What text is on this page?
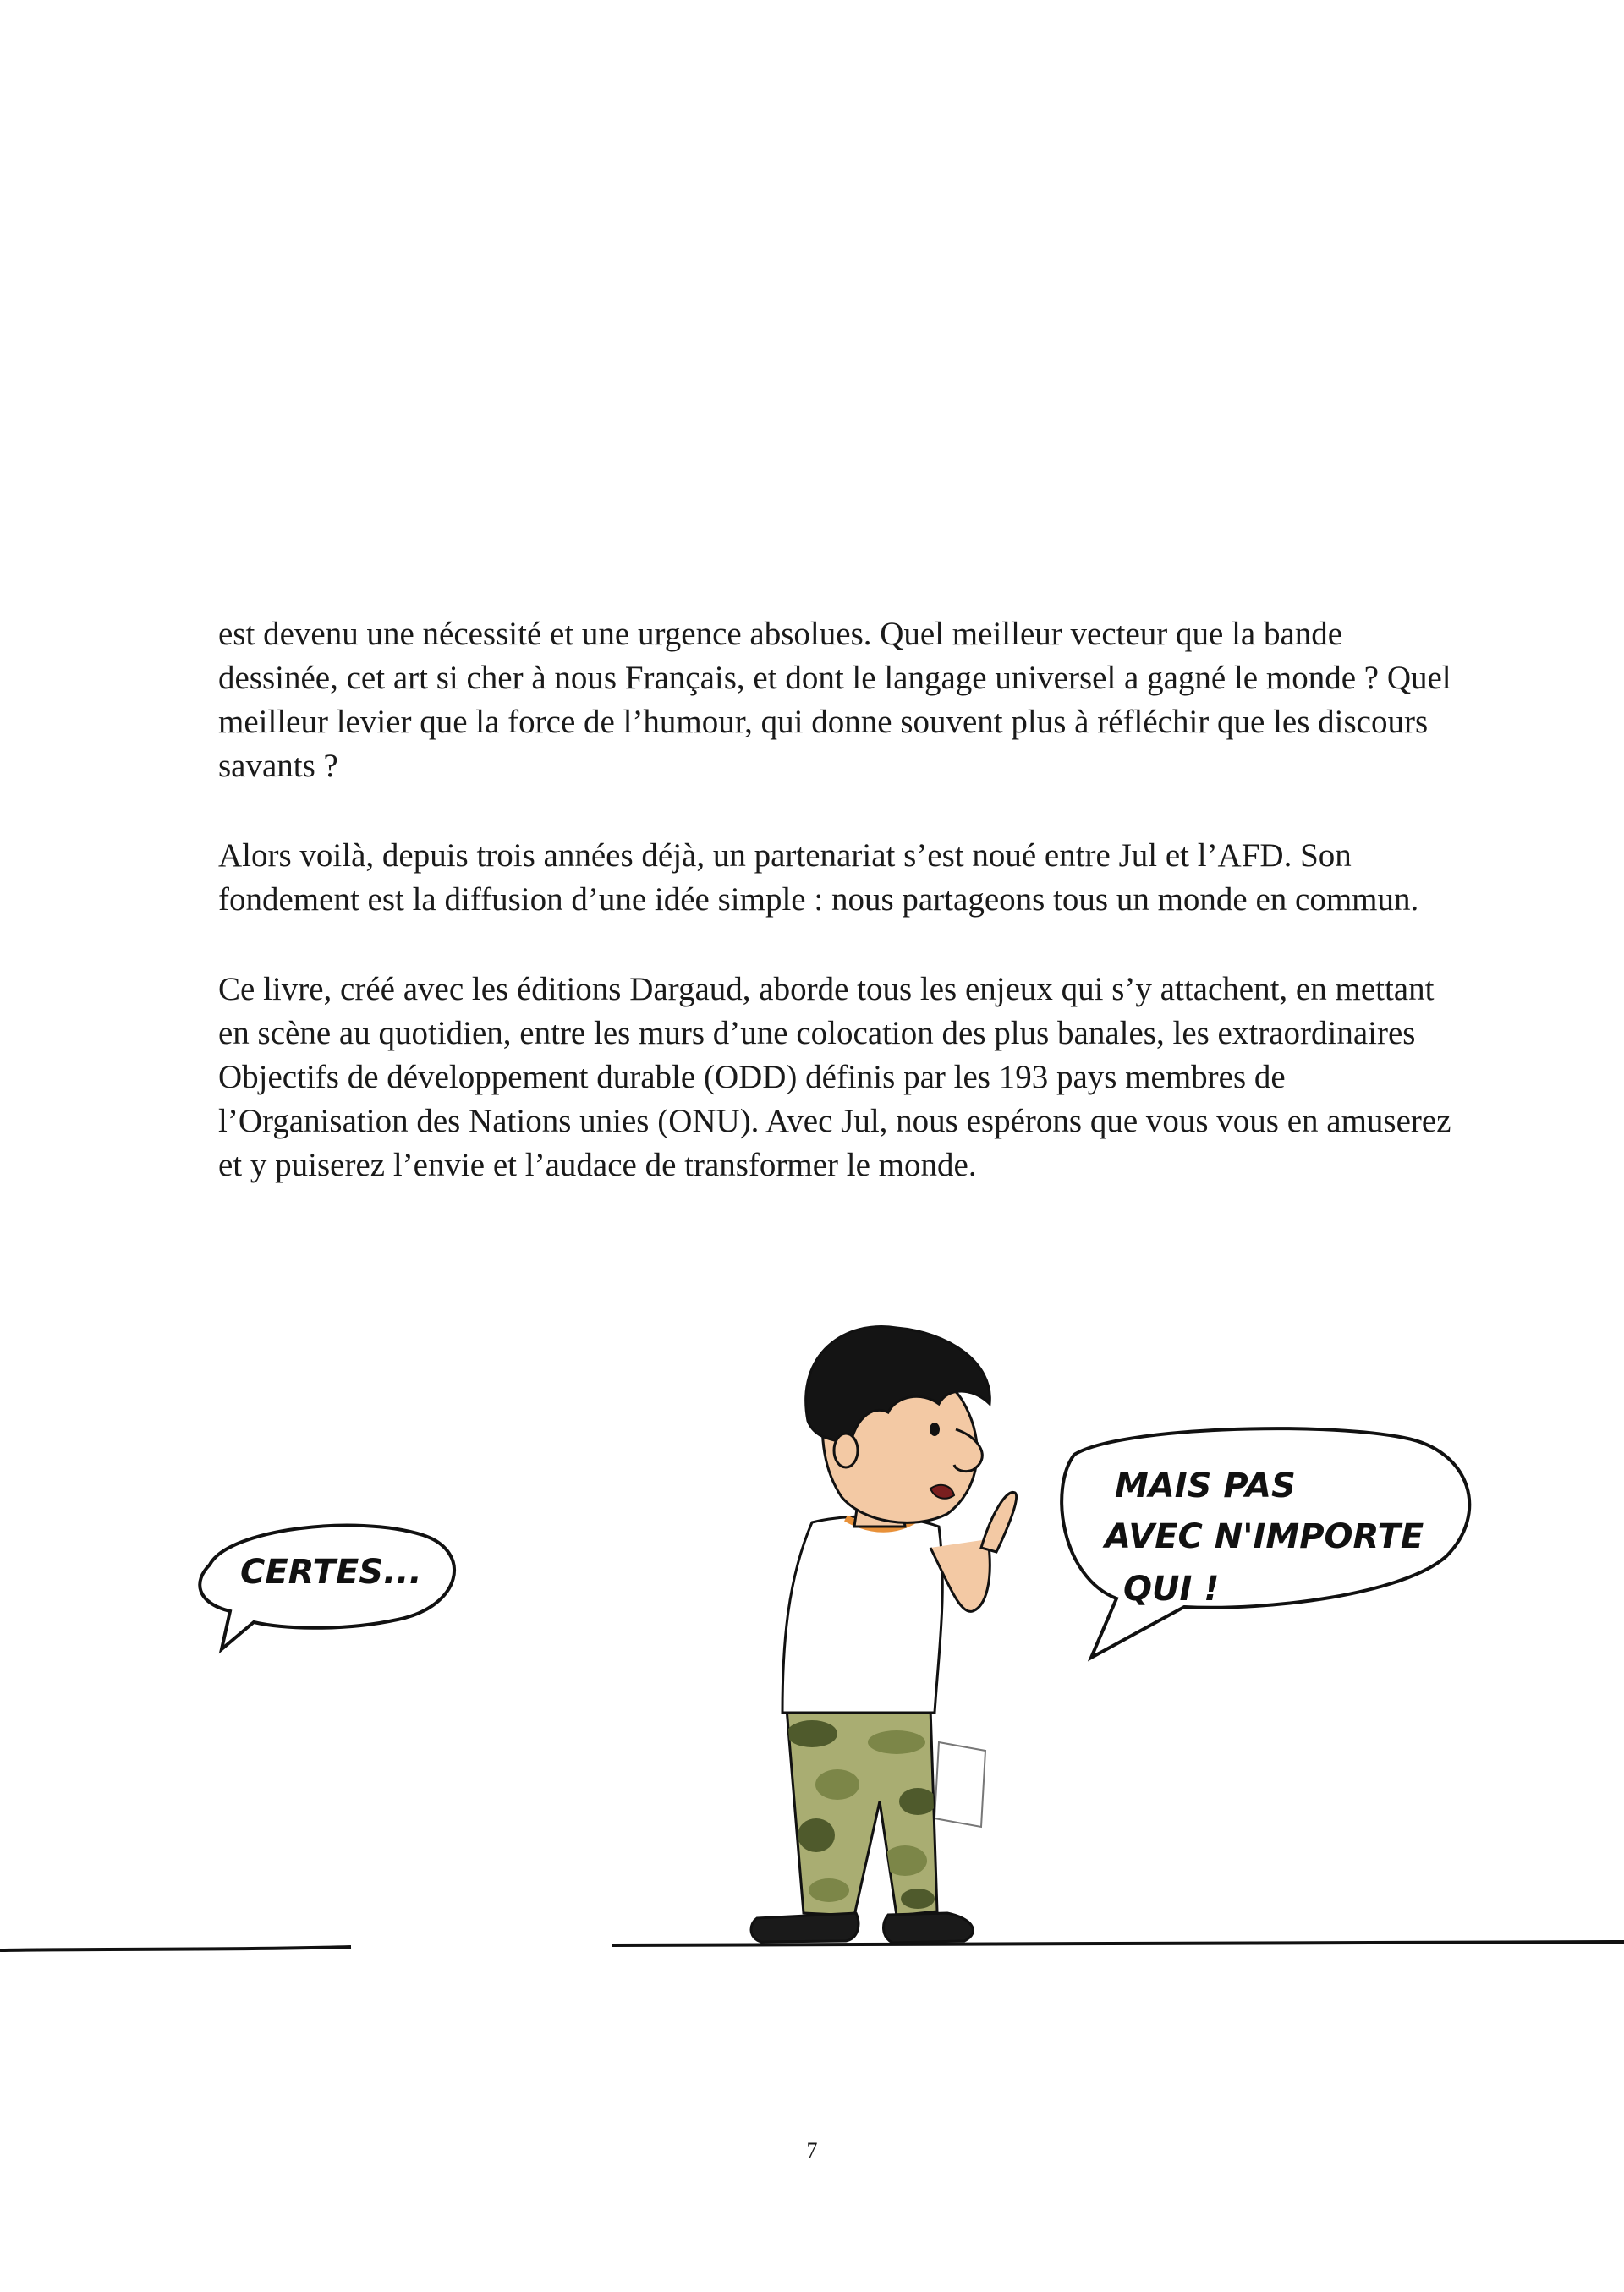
est devenu une nécessité et une urgence absolues. Quel meilleur vecteur que la bande dessinée, cet art si cher à nous Français, et dont le langage universel a gagné le monde ? Quel meilleur levier que la force de l’humour, qui donne souvent plus à réfléchir que les discours savants ?

Alors voilà, depuis trois années déjà, un partenariat s’est noué entre Jul et l’AFD. Son fondement est la diffusion d’une idée simple : nous partageons tous un monde en commun.

Ce livre, créé avec les éditions Dargaud, aborde tous les enjeux qui s’y attachent, en mettant en scène au quotidien, entre les murs d’une colocation des plus banales, les extraordinaires Objectifs de développement durable (ODD) définis par les 193 pays membres de l’Organisation des Nations unies (ONU). Avec Jul, nous espérons que vous vous en amuserez et y puiserez l’envie et l’audace de transformer le monde.

CERTES...
MAIS PAS
AVEC N'IMPORTE
QUI !
7
